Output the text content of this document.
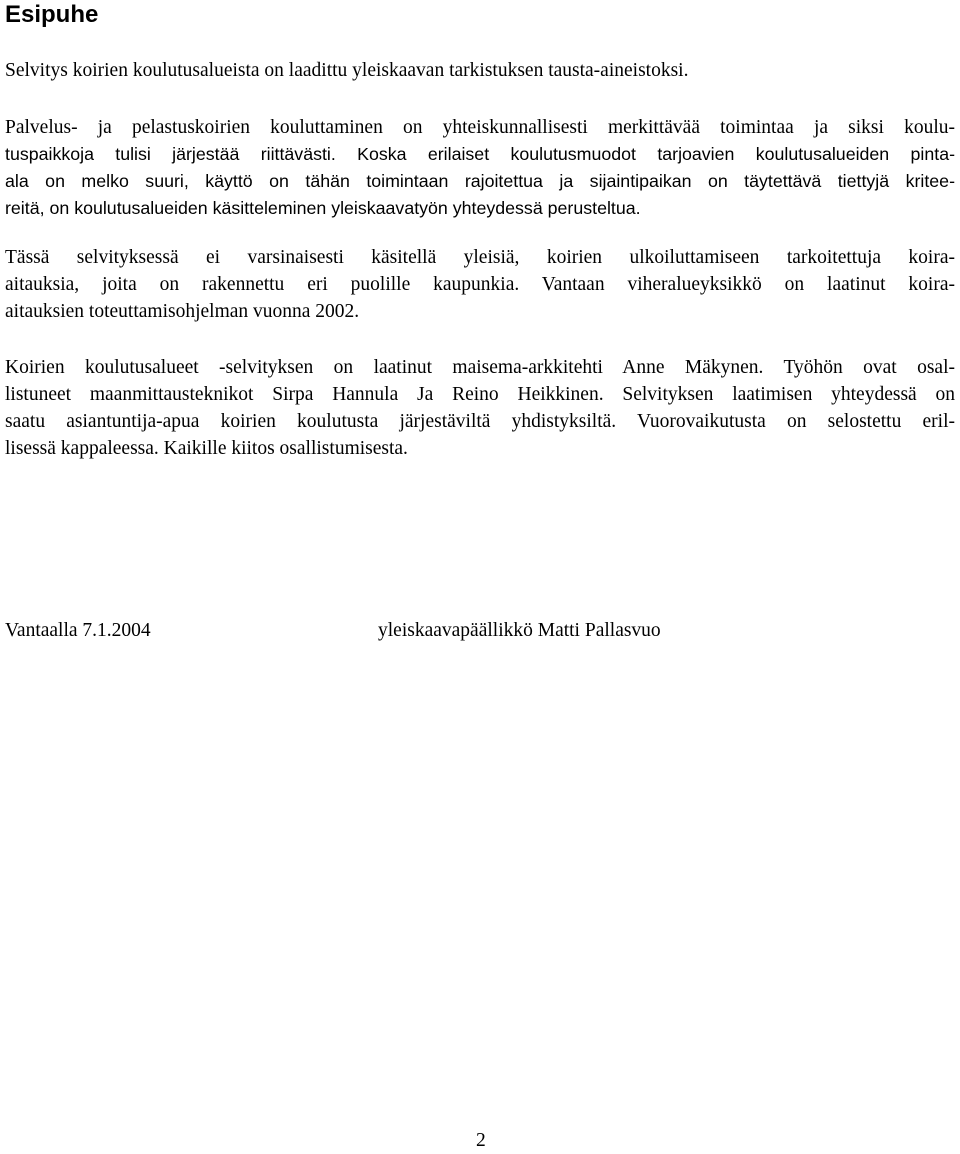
Esipuhe

Selvitys koirien koulutusalueista on laadittu yleiskaavan tarkistuksen tausta-aineistoksi.

Palvelus- ja pelastuskoirien kouluttaminen on yhteiskunnallisesti merkittävää toimintaa ja siksi koulu-
tuspaikkoja tulisi järjestää riittävästi. Koska erilaiset koulutusmuodot tarjoavien koulutusalueiden pinta-
ala on melko suuri, käyttö on tähän toimintaan rajoitettua ja sijaintipaikan on täytettävä tiettyjä kritee-
reitä, on koulutusalueiden käsitteleminen yleiskaavatyön yhteydessä perusteltua.

Tässä selvityksessä ei varsinaisesti käsitellä yleisiä, koirien ulkoiluttamiseen tarkoitettuja koira-
aitauksia, joita on rakennettu eri puolille kaupunkia. Vantaan viheralueyksikkö on laatinut koira-
aitauksien toteuttamisohjelman vuonna 2002.

Koirien koulutusalueet -selvityksen on laatinut maisema-arkkitehti Anne Mäkynen. Työhön ovat osal-
listuneet maanmittausteknikot Sirpa Hannula Ja Reino Heikkinen. Selvityksen laatimisen yhteydessä on
saatu asiantuntija-apua koirien koulutusta järjestäviltä yhdistyksiltä. Vuorovaikutusta on selostettu eril-
lisessä kappaleessa. Kaikille kiitos osallistumisesta.

Vantaalla 7.1.2004	yleiskaavapäällikkö Matti Pallasvuo
2
